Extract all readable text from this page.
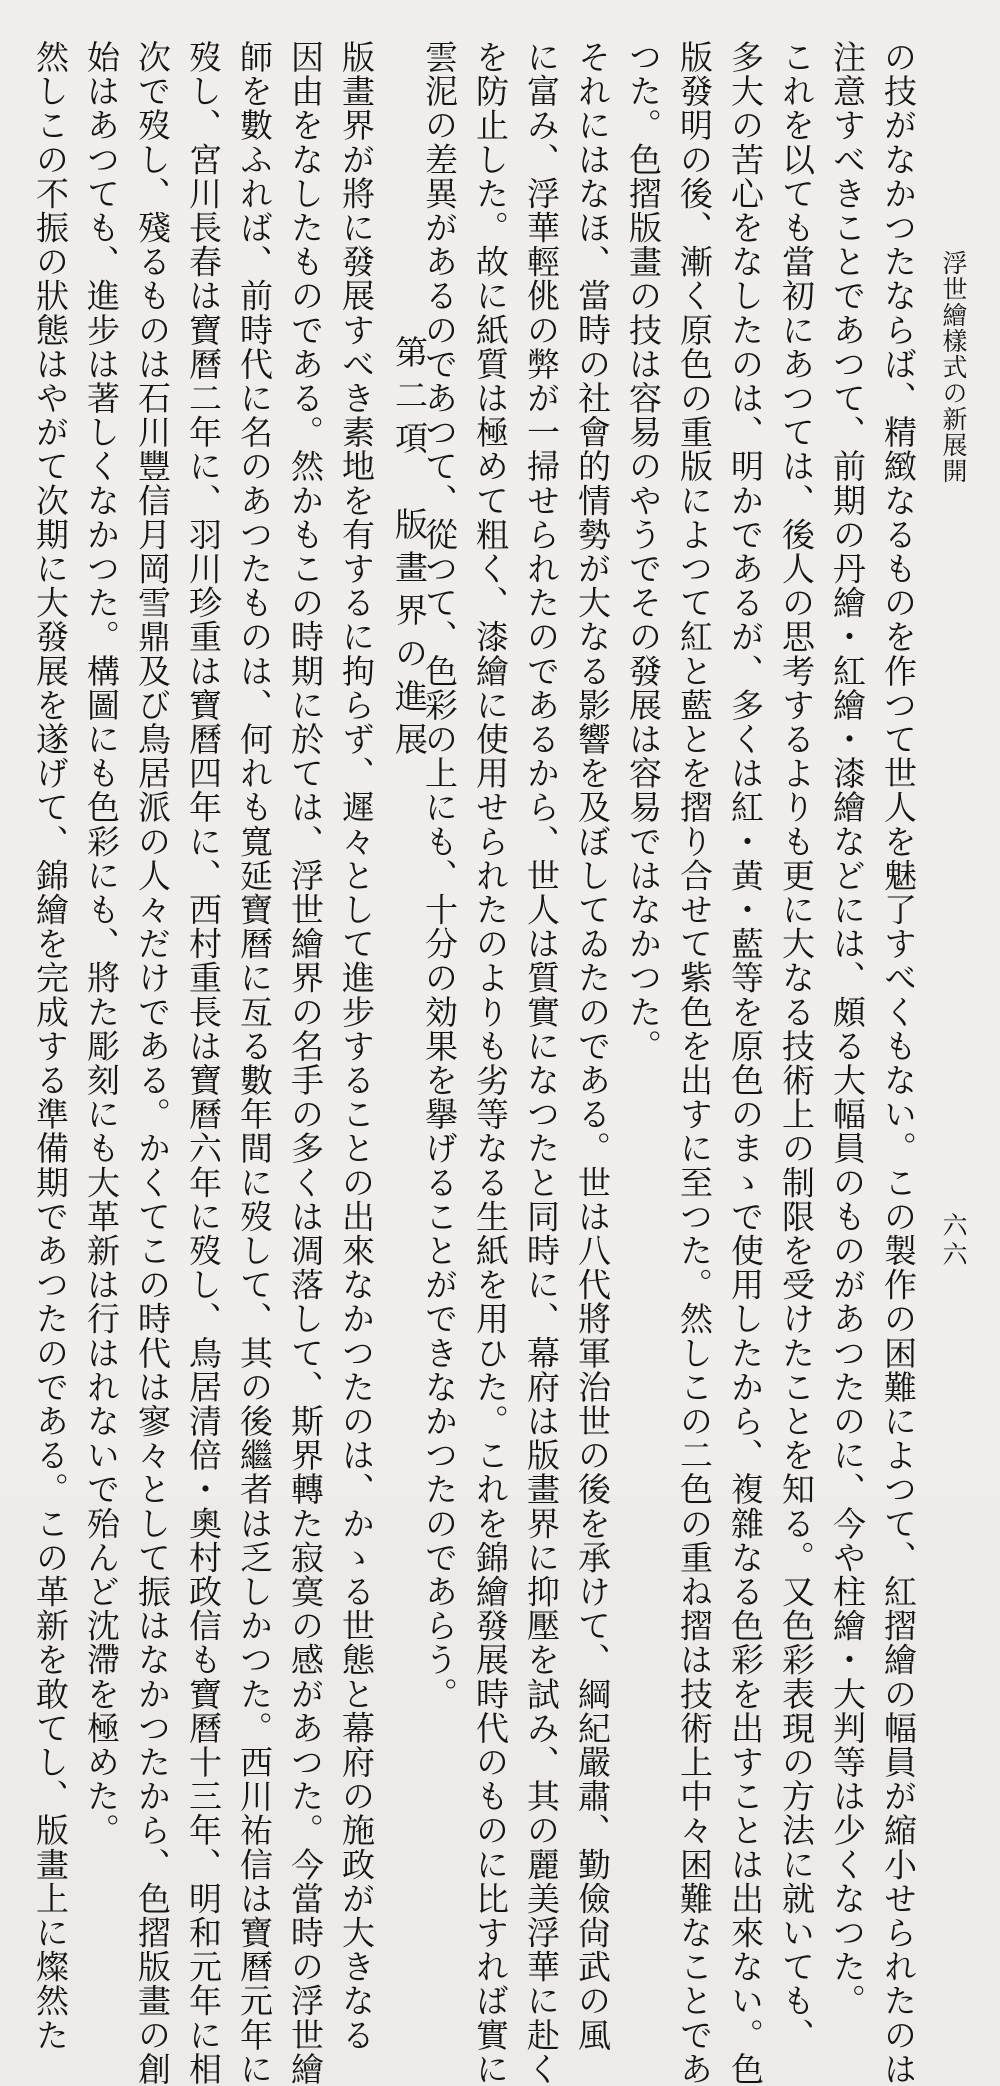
浮世繪樣式の新展開
六六
の技がなかつたならば、精緻なるものを作つて世人を魅了すべくもない。この製作の困難によつて、紅摺繪の幅員が縮小せられたのは
注意すべきことであつて、前期の丹繪・紅繪・漆繪などには、頗る大幅員のものがあつたのに、今や柱繪・大判等は少くなつた。
これを以ても當初にあつては、後人の思考するよりも更に大なる技術上の制限を受けたことを知る。又色彩表現の方法に就いても、
多大の苦心をなしたのは、明かであるが、多くは紅・黄・藍等を原色のまゝで使用したから、複雜なる色彩を出すことは出來ない。色
版發明の後、漸く原色の重版によつて紅と藍とを摺り合せて紫色を出すに至つた。然しこの二色の重ね摺は技術上中々困難なことであ
つた。色摺版畫の技は容易のやうでその發展は容易ではなかつた。
それにはなほ、當時の社會的情勢が大なる影響を及ぼしてゐたのである。世は八代將軍治世の後を承けて、綱紀嚴肅、勤儉尙武の風
に富み、浮華輕佻の弊が一掃せられたのであるから、世人は質實になつたと同時に、幕府は版畫界に抑壓を試み、其の麗美浮華に赴く
を防止した。故に紙質は極めて粗く、漆繪に使用せられたのよりも劣等なる生紙を用ひた。これを錦繪發展時代のものに比すれば實に
雲泥の差異があるのであつて、從つて、色彩の上にも、十分の効果を擧げることができなかつたのであらう。
第二項　版畫界の進展
版畫界が將に發展すべき素地を有するに拘らず、遲々として進步することの出來なかつたのは、かゝる世態と幕府の施政が大きなる
因由をなしたものである。然かもこの時期に於ては、浮世繪界の名手の多くは凋落して、斯界轉た寂寞の感があつた。今當時の浮世繪
師を數ふれば、前時代に名のあつたものは、何れも寬延寶曆に亙る數年間に歿して、其の後繼者は乏しかつた。西川祐信は寶曆元年に
歿し、宮川長春は寶曆二年に、羽川珍重は寶曆四年に、西村重長は寶曆六年に歿し、鳥居清倍・奧村政信も寶曆十三年、明和元年に相
次で歿し、殘るものは石川豐信月岡雪鼎及び鳥居派の人々だけである。かくてこの時代は寥々として振はなかつたから、色摺版畫の創
始はあつても、進步は著しくなかつた。構圖にも色彩にも、將た彫刻にも大革新は行はれないで殆んど沈滯を極めた。
然しこの不振の狀態はやがて次期に大發展を遂げて、錦繪を完成する準備期であつたのである。この革新を敢てし、版畫上に燦然た
